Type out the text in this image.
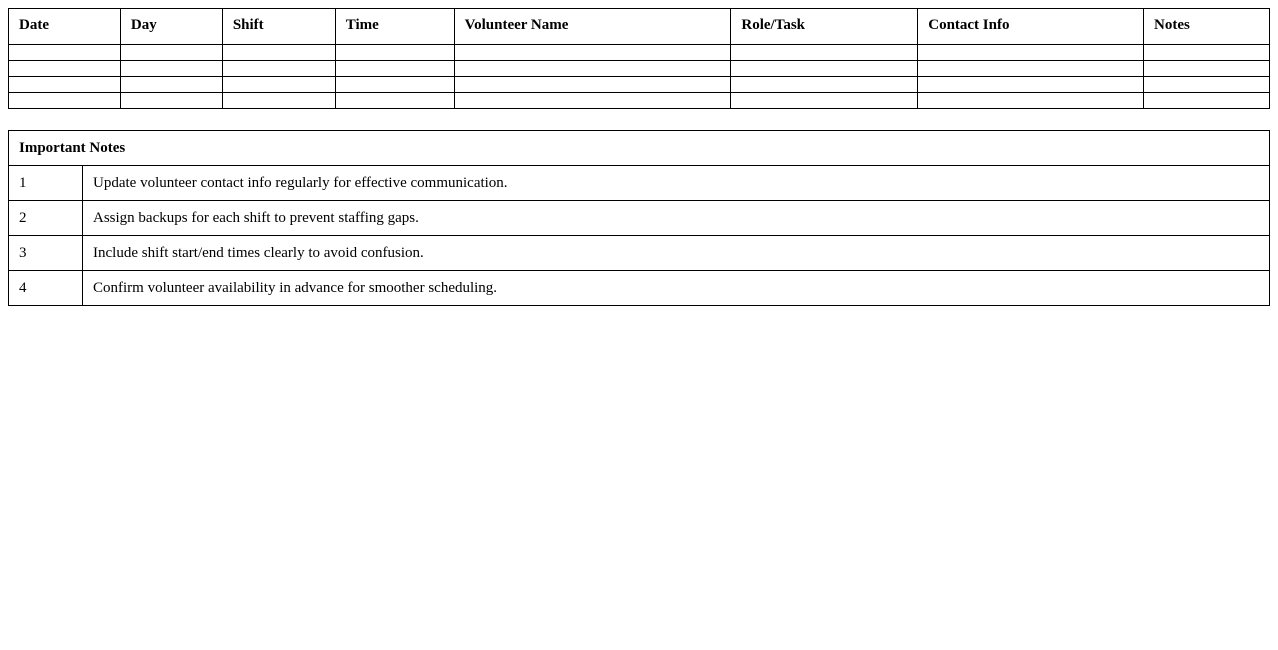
Date	Day	Shift	Time	Volunteer Name	Role/Task	Contact Info	Notes

Important Notes	
1	Update volunteer contact info regularly for effective communication.
2	Assign backups for each shift to prevent staffing gaps.
3	Include shift start/end times clearly to avoid confusion.
4	Confirm volunteer availability in advance for smoother scheduling.
